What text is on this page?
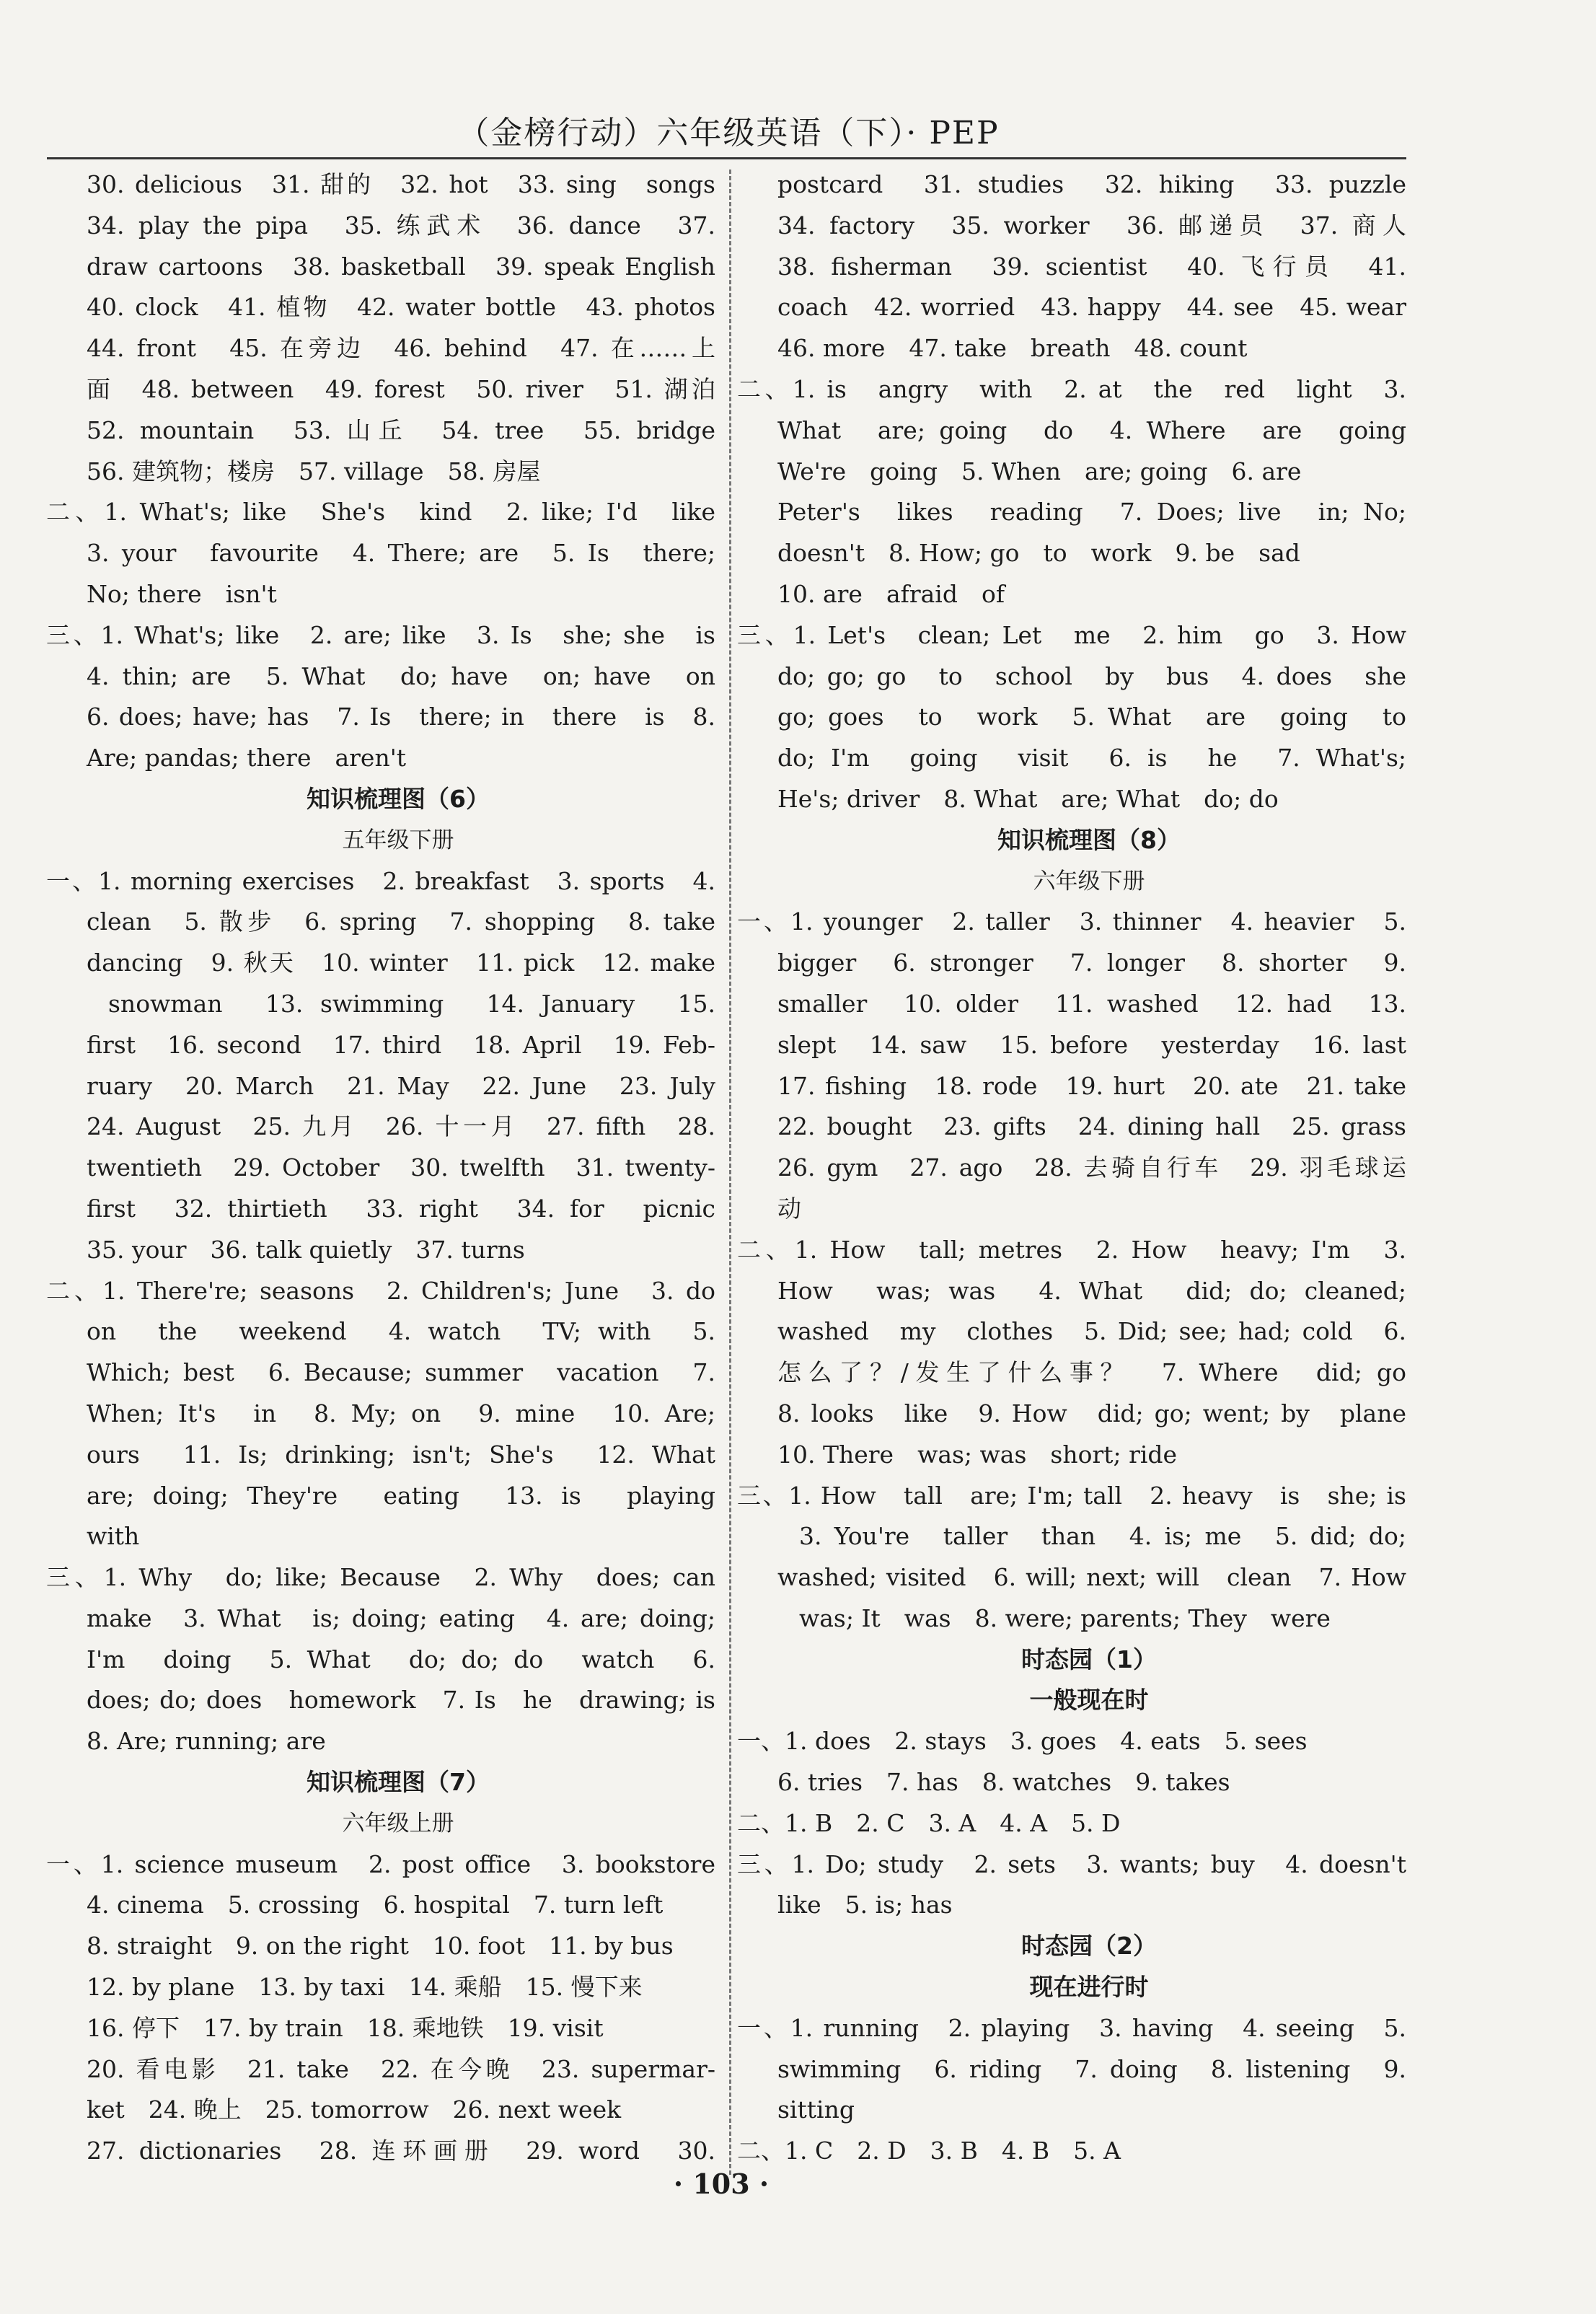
（金榜行动）六年级英语（下）· PEP
30. delicious　31. 甜的　32. hot　33. sing　songs
34. play the pipa　35. 练武术　36. dance　37.
draw cartoons　38. basketball　39. speak English
40. clock　41. 植物　42. water bottle　43. photos
44. front　45. 在旁边　46. behind　47. 在……上
面　48. between　49. forest　50. river　51. 湖泊
52. mountain　53. 山丘　54. tree　55. bridge
56. 建筑物；楼房　57. village　58. 房屋
二、1. What's; like　She's　kind　2. like; I'd　like
3. your　favourite　4. There; are　5. Is　there;
No; there　isn't
三、1. What's; like　2. are; like　3. Is　she; she　is
4. thin; are　5. What　do; have　on; have　on
6. does; have; has　7. Is　there; in　there　is　8.
Are; pandas; there　aren't
知识梳理图（6）
五年级下册
一、1. morning exercises　2. breakfast　3. sports　4.
clean　5. 散步　6. spring　7. shopping　8. take
dancing　9. 秋天　10. winter　11. pick　12. make
snowman　13. swimming　14. January　15.
first　16. second　17. third　18. April　19. Feb-
ruary　20. March　21. May　22. June　23. July
24. August　25. 九月　26. 十一月　27. fifth　28.
twentieth　29. October　30. twelfth　31. twenty-
first　32. thirtieth　33. right　34. for　picnic
35. your　36. talk quietly　37. turns
二、1. There're; seasons　2. Children's; June　3. do
on　the　weekend　4. watch　TV; with　5.
Which; best　6. Because; summer　vacation　7.
When; It's　in　8. My; on　9. mine　10. Are;
ours　11. Is; drinking; isn't; She's　12. What
are; doing; They're　eating　13. is　playing
with
三、1. Why　do; like; Because　2. Why　does; can
make　3. What　is; doing; eating　4. are; doing;
I'm　doing　5. What　do; do; do　watch　6.
does; do; does　homework　7. Is　he　drawing; is
8. Are; running; are
知识梳理图（7）
六年级上册
一、1. science museum　2. post office　3. bookstore
4. cinema　5. crossing　6. hospital　7. turn left
8. straight　9. on the right　10. foot　11. by bus
12. by plane　13. by taxi　14. 乘船　15. 慢下来
16. 停下　17. by train　18. 乘地铁　19. visit
20. 看电影　21. take　22. 在今晚　23. supermar-
ket　24. 晚上　25. tomorrow　26. next week
27. dictionaries　28. 连环画册　29. word　30.
postcard　31. studies　32. hiking　33. puzzle
34. factory　35. worker　36. 邮递员　37. 商人
38. fisherman　39. scientist　40. 飞行员　41.
coach　42. worried　43. happy　44. see　45. wear
46. more　47. take　breath　48. count
二、1. is　angry　with　2. at　the　red　light　3.
What　are; going　do　4. Where　are　going
We're　going　5. When　are; going　6. are
Peter's　likes　reading　7. Does; live　in; No;
doesn't　8. How; go　to　work　9. be　sad
10. are　afraid　of
三、1. Let's　clean; Let　me　2. him　go　3. How
do; go; go　to　school　by　bus　4. does　she
go; goes　to　work　5. What　are　going　to
do; I'm　going　visit　6. is　he　7. What's;
He's; driver　8. What　are; What　do; do
知识梳理图（8）
六年级下册
一、1. younger　2. taller　3. thinner　4. heavier　5.
bigger　6. stronger　7. longer　8. shorter　9.
smaller　10. older　11. washed　12. had　13.
slept　14. saw　15. before　yesterday　16. last
17. fishing　18. rode　19. hurt　20. ate　21. take
22. bought　23. gifts　24. dining hall　25. grass
26. gym　27. ago　28. 去骑自行车　29. 羽毛球运
动
二、1. How　tall; metres　2. How　heavy; I'm　3.
How　was; was　4. What　did; do; cleaned;
washed　my　clothes　5. Did; see; had; cold　6.
怎么了？/发生了什么事？　7. Where　did; go
8. looks　like　9. How　did; go; went; by　plane
10. There　was; was　short; ride
三、1. How　tall　are; I'm; tall　2. heavy　is　she; is
3. You're　taller　than　4. is; me　5. did; do;
washed; visited　6. will; next; will　clean　7. How
was; It　was　8. were; parents; They　were
时态园（1）
一般现在时
一、1. does　2. stays　3. goes　4. eats　5. sees
6. tries　7. has　8. watches　9. takes
二、1. B　2. C　3. A　4. A　5. D
三、1. Do; study　2. sets　3. wants; buy　4. doesn't
like　5. is; has
时态园（2）
现在进行时
一、1. running　2. playing　3. having　4. seeing　5.
swimming　6. riding　7. doing　8. listening　9.
sitting
二、1. C　2. D　3. B　4. B　5. A
· 103 ·
